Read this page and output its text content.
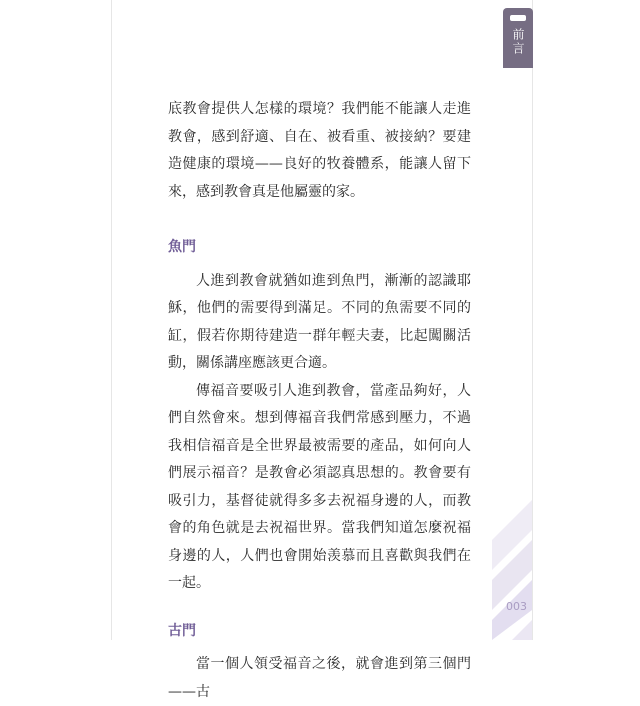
前言

底教會提供人怎樣的環境？我們能不能讓人走進教會，感到舒適、自在、被看重、被接納？要建造健康的環境——良好的牧養體系，能讓人留下來，感到教會真是他屬靈的家。

魚門

人進到教會就猶如進到魚門，漸漸的認識耶穌，他們的需要得到滿足。不同的魚需要不同的缸，假若你期待建造一群年輕夫妻，比起闖關活動，關係講座應該更合適。

傳福音要吸引人進到教會，當產品夠好，人們自然會來。想到傳福音我們常感到壓力，不過我相信福音是全世界最被需要的產品，如何向人們展示福音？是教會必須認真思想的。教會要有吸引力，基督徒就得多多去祝福身邊的人，而教會的角色就是去祝福世界。當我們知道怎麼祝福身邊的人，人們也會開始羡慕而且喜歡與我們在一起。

古門

當一個人領受福音之後，就會進到第三個門——古

003
